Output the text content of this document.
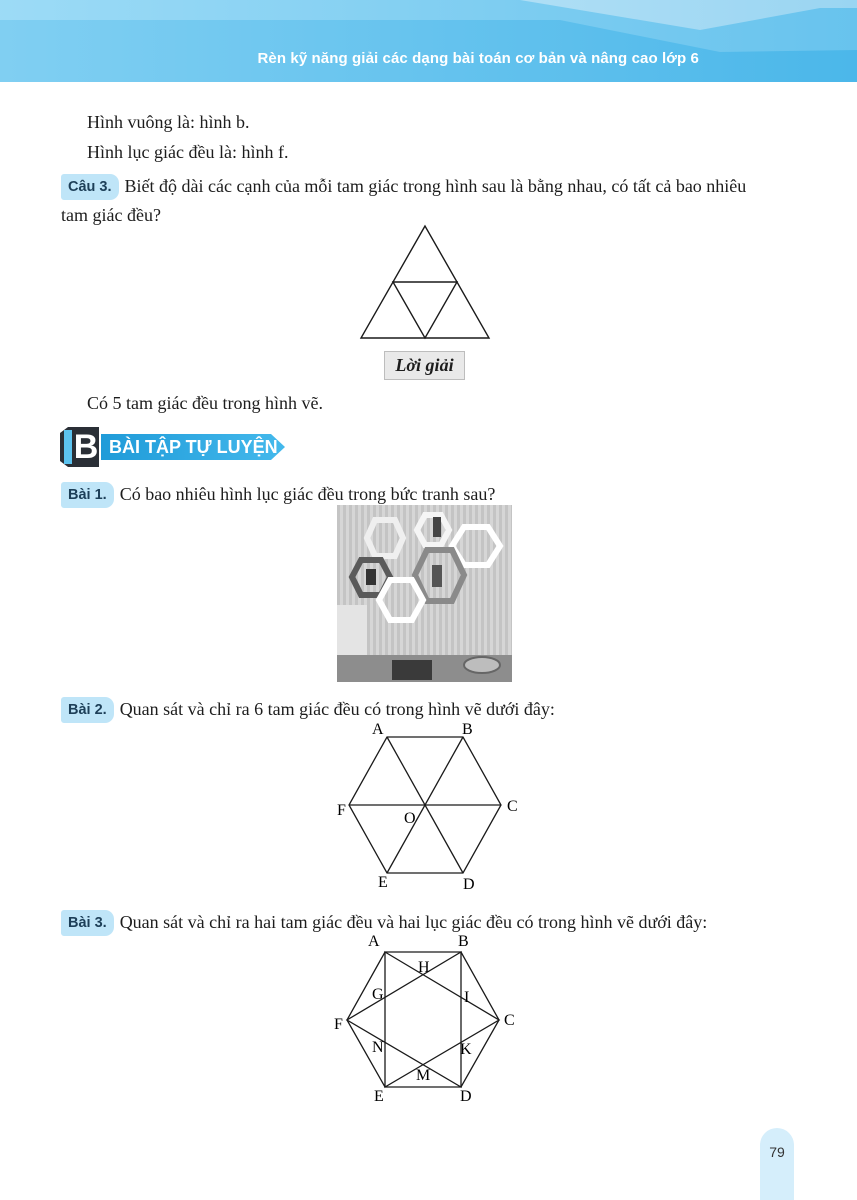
Rèn kỹ năng giải các dạng bài toán cơ bản và nâng cao lớp 6
Hình vuông là: hình b.
Hình lục giác đều là: hình f.
Câu 3. Biết độ dài các cạnh của mỗi tam giác trong hình sau là bằng nhau, có tất cả bao nhiêu
tam giác đều?
Lời giải
Có 5 tam giác đều trong hình vẽ.
B BÀI TẬP TỰ LUYỆN
Bài 1. Có bao nhiêu hình lục giác đều trong bức tranh sau?
Bài 2. Quan sát và chỉ ra 6 tam giác đều có trong hình vẽ dưới đây:
A	B
C
D
E
F	O
Bài 3. Quan sát và chỉ ra hai tam giác đều và hai lục giác đều có trong hình vẽ dưới đây:
A	B
C
D
E
F
G
H
I
K
M
N
79
